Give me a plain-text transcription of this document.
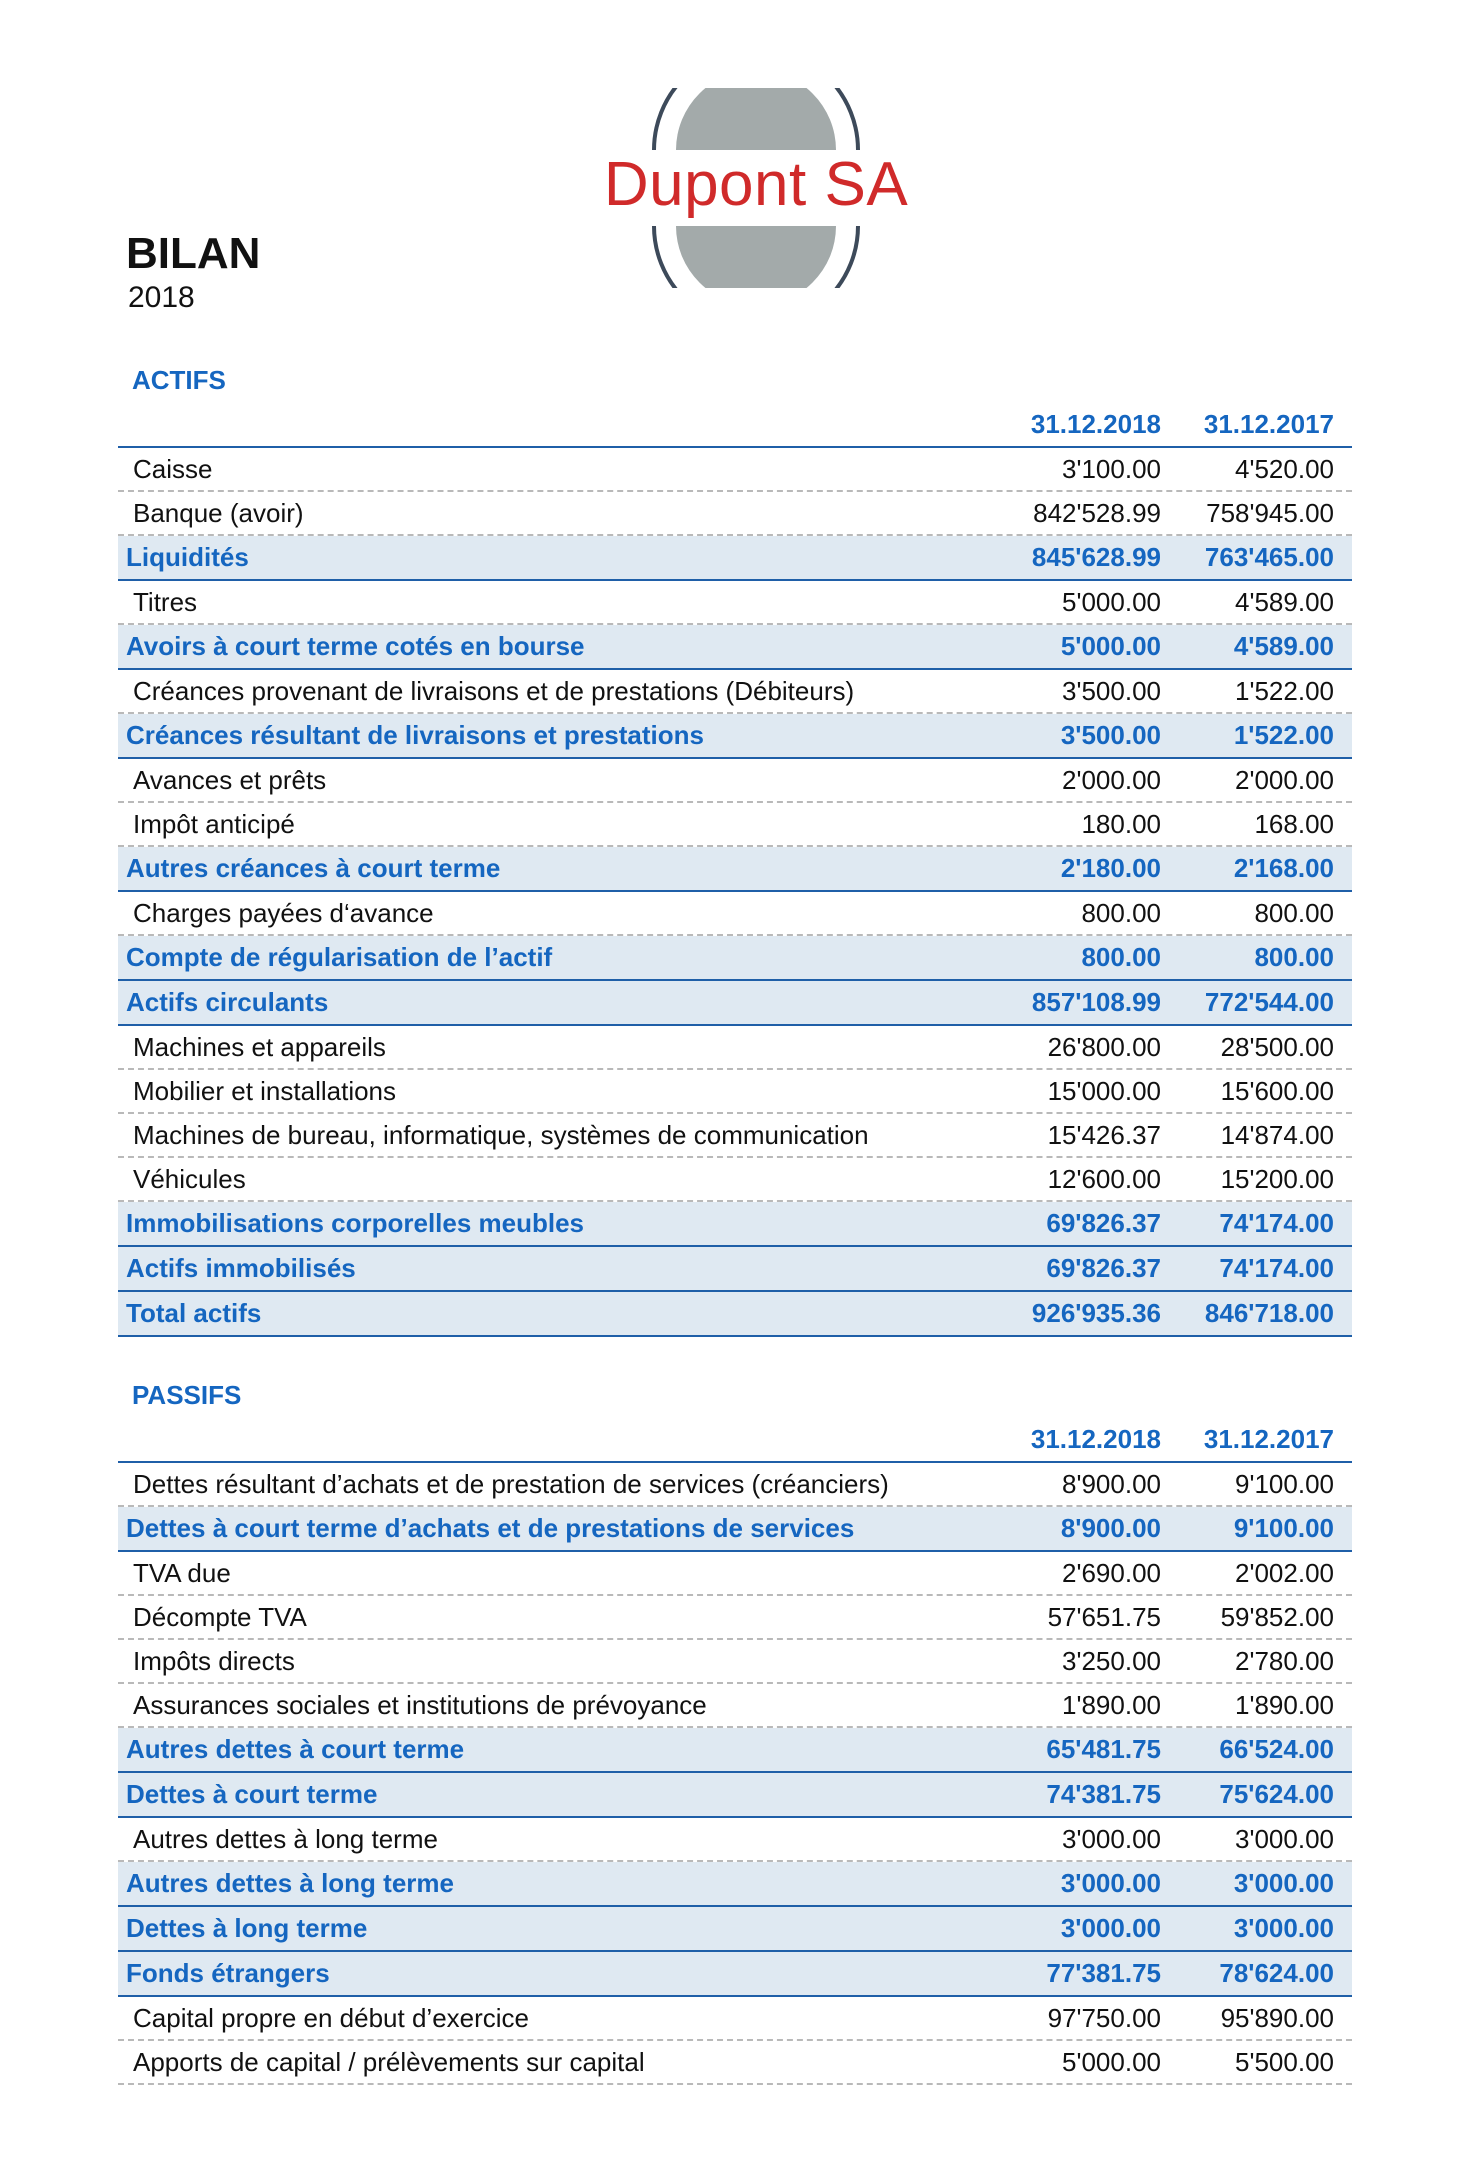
Dupont SA
BILAN
2018
ACTIFS
31.12.2018	31.12.2017
Caisse	3'100.00	4'520.00
Banque (avoir)	842'528.99	758'945.00
Liquidités	845'628.99	763'465.00
Titres	5'000.00	4'589.00
Avoirs à court terme cotés en bourse	5'000.00	4'589.00
Créances provenant de livraisons et de prestations (Débiteurs)	3'500.00	1'522.00
Créances résultant de livraisons et prestations	3'500.00	1'522.00
Avances et prêts	2'000.00	2'000.00
Impôt anticipé	180.00	168.00
Autres créances à court terme	2'180.00	2'168.00
Charges payées d‘avance	800.00	800.00
Compte de régularisation de l’actif	800.00	800.00
Actifs circulants	857'108.99	772'544.00
Machines et appareils	26'800.00	28'500.00
Mobilier et installations	15'000.00	15'600.00
Machines de bureau, informatique, systèmes de communication	15'426.37	14'874.00
Véhicules	12'600.00	15'200.00
Immobilisations corporelles meubles	69'826.37	74'174.00
Actifs immobilisés	69'826.37	74'174.00
Total actifs	926'935.36	846'718.00
PASSIFS
31.12.2018	31.12.2017
Dettes résultant d’achats et de prestation de services (créanciers)	8'900.00	9'100.00
Dettes à court terme d’achats et de prestations de services	8'900.00	9'100.00
TVA due	2'690.00	2'002.00
Décompte TVA	57'651.75	59'852.00
Impôts directs	3'250.00	2'780.00
Assurances sociales et institutions de prévoyance	1'890.00	1'890.00
Autres dettes à court terme	65'481.75	66'524.00
Dettes à court terme	74'381.75	75'624.00
Autres dettes à long terme	3'000.00	3'000.00
Autres dettes à long terme	3'000.00	3'000.00
Dettes à long terme	3'000.00	3'000.00
Fonds étrangers	77'381.75	78'624.00
Capital propre en début d’exercice	97'750.00	95'890.00
Apports de capital / prélèvements sur capital	5'000.00	5'500.00
